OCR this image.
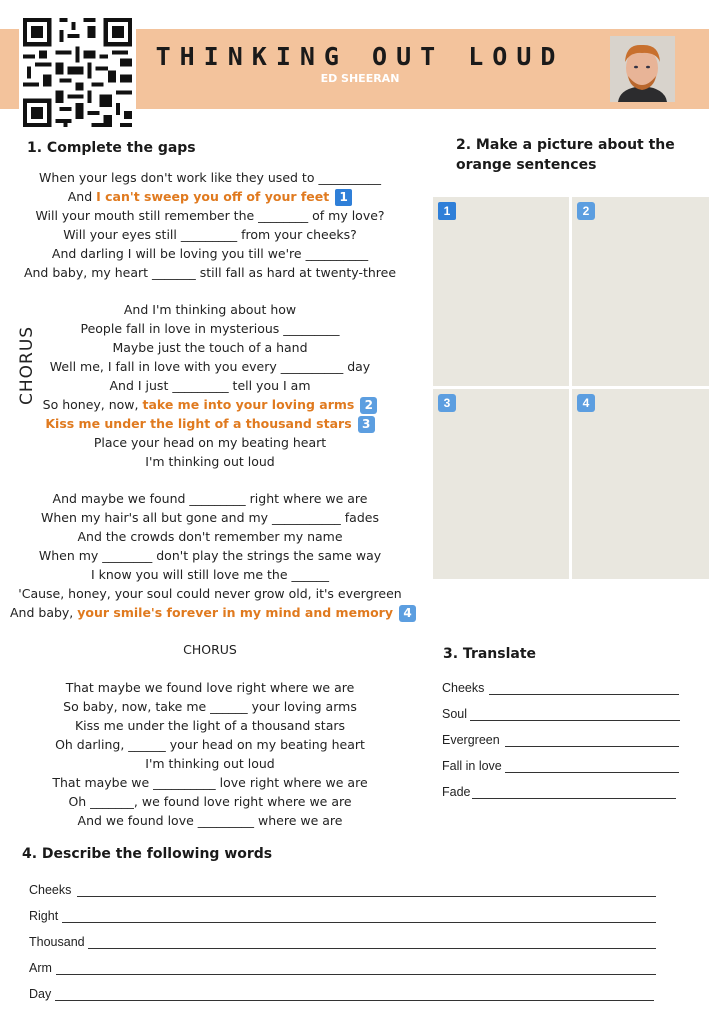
THINKING OUT LOUD
ED SHEERAN
1. Complete the gaps
When your legs don't work like they used to __________
And I can't sweep you off of your feet 1
Will your mouth still remember the ________ of my love?
Will your eyes still _________ from your cheeks?
And darling I will be loving you till we're __________
And baby, my heart _______ still fall as hard at twenty-three
CHORUS
And I'm thinking about how
People fall in love in mysterious _________
Maybe just the touch of a hand
Well me, I fall in love with you every __________ day
And I just _________ tell you I am
So honey, now, take me into your loving arms 2
Kiss me under the light of a thousand stars 3
Place your head on my beating heart
I'm thinking out loud
And maybe we found _________ right where we are
When my hair's all but gone and my ___________ fades
And the crowds don't remember my name
When my ________ don't play the strings the same way
I know you will still love me the ______
'Cause, honey, your soul could never grow old, it's evergreen
And baby, your smile's forever in my mind and memory 4
CHORUS
That maybe we found love right where we are
So baby, now, take me ______ your loving arms
Kiss me under the light of a thousand stars
Oh darling, ______ your head on my beating heart
I'm thinking out loud
That maybe we __________ love right where we are
Oh _______, we found love right where we are
And we found love _________ where we are
2. Make a picture about the
orange sentences
1	2
3	4
3. Translate
Cheeks
Soul
Evergreen
Fall in love
Fade
4. Describe the following words
Cheeks
Right
Thousand
Arm
Day
